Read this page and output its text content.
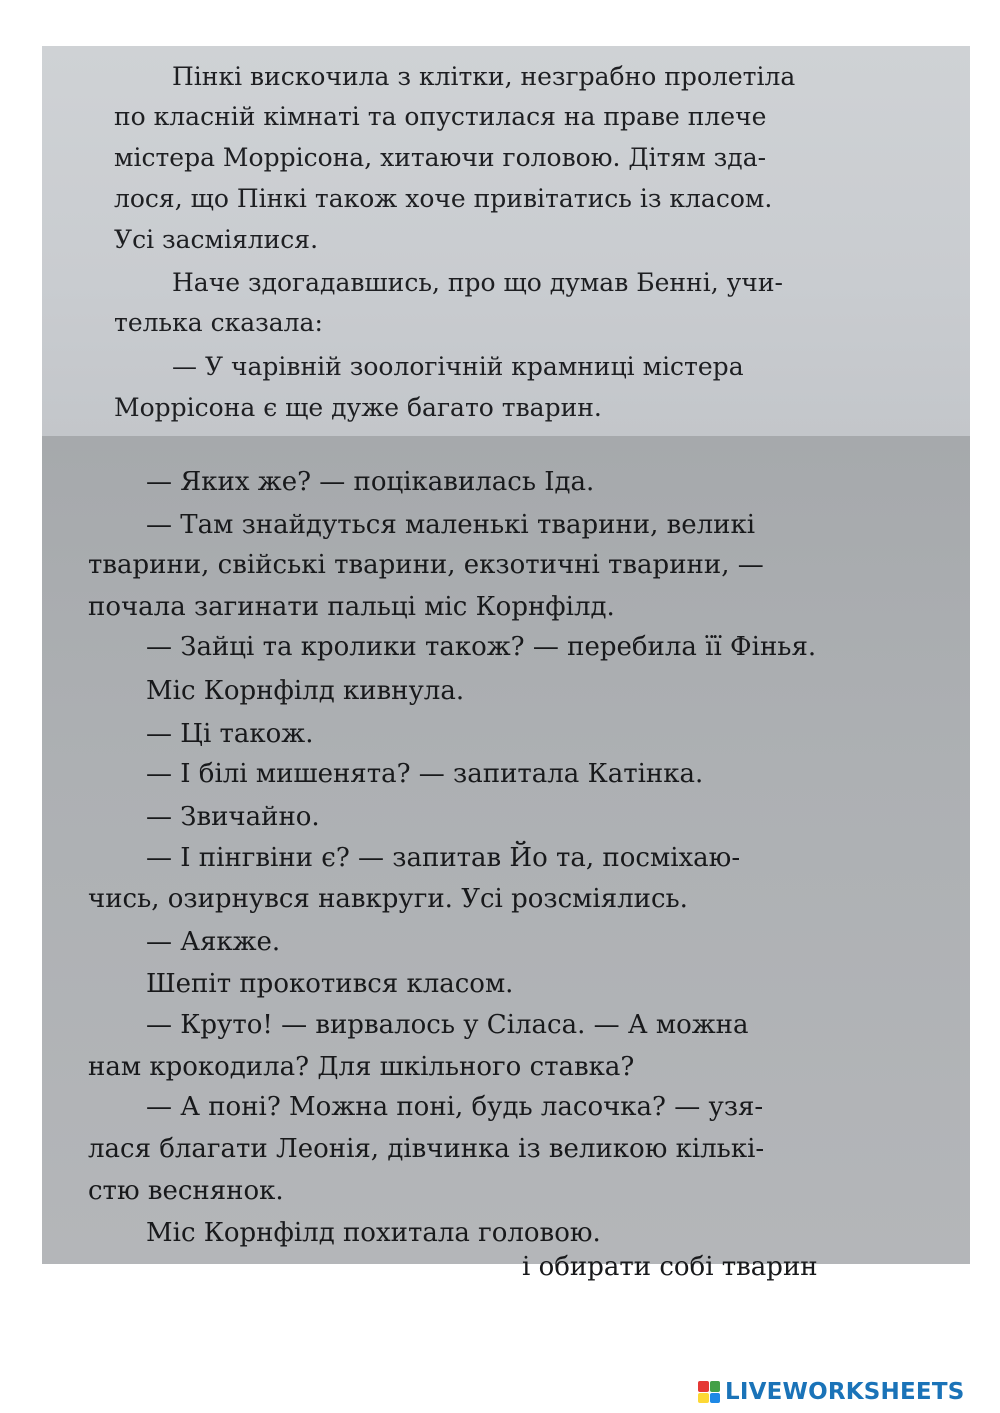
Пінкі вискочила з клітки, незграбно пролетіла

по класній кімнаті та опустилася на праве плече

містера Моррісона, хитаючи головою. Дітям зда-

лося, що Пінкі також хоче привітатись із класом.

Усі засміялися.

Наче здогадавшись, про що думав Бенні, учи-

телька сказала:

— У чарівній зоологічній крамниці містера

Моррісона є ще дуже багато тварин.

— Яких же? — поцікавилась Іда.

— Там знайдуться маленькі тварини, великі

тварини, свійські тварини, екзотичні тварини, —

почала загинати пальці міс Корнфілд.

— Зайці та кролики також? — перебила її Фінья.

Міс Корнфілд кивнула.

— Ці також.

— І білі мишенята? — запитала Катінка.

— Звичайно.

— І пінгвіни є? — запитав Йо та, посміхаю-

чись, озирнувся навкруги. Усі розсміялись.

— Аякже.

Шепіт прокотився класом.

— Круто! — вирвалось у Сіласа. — А можна

нам крокодила? Для шкільного ставка?

— А поні? Можна поні, будь ласочка? — узя-

лася благати Леонія, дівчинка із великою кількі-

стю веснянок.

Міс Корнфілд похитала головою.

і обирати собі тварин

LIVEWORKSHEETS
